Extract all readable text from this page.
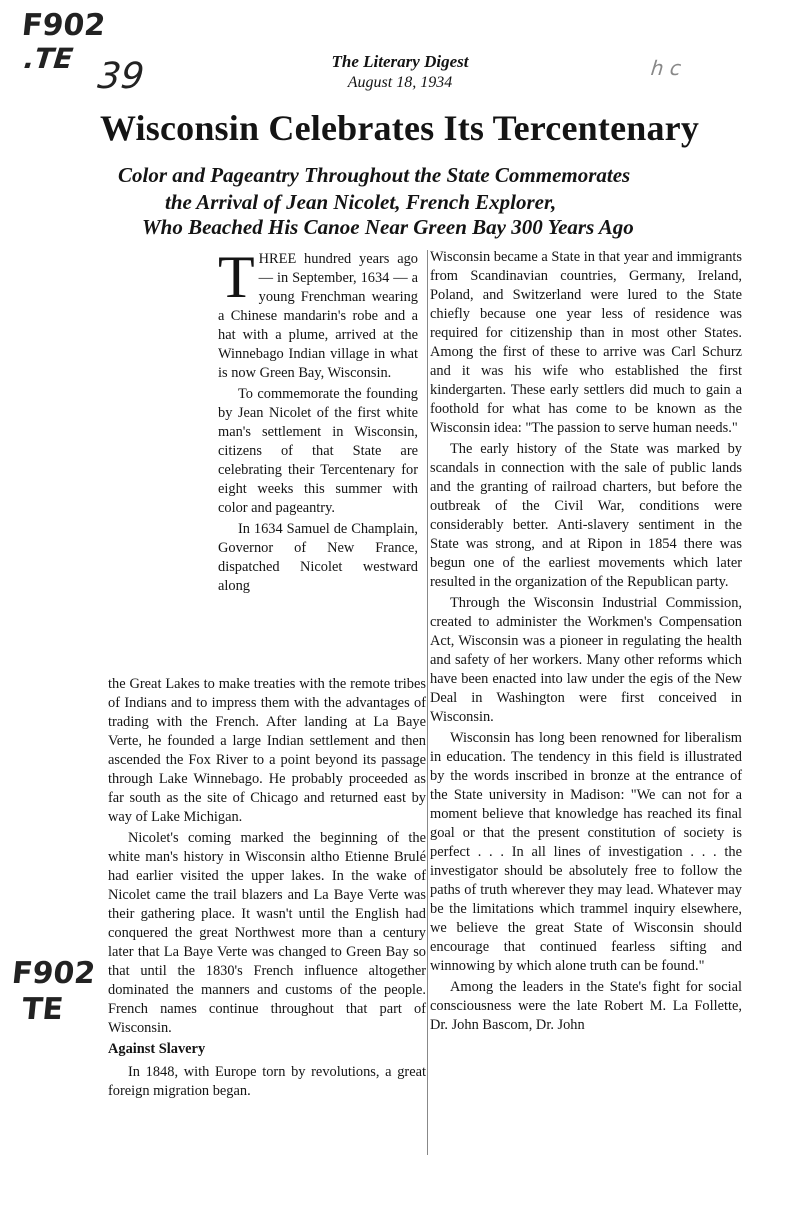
F902
.TE 39	h c
F902
TE
The Literary Digest
August 18, 1934
Wisconsin Celebrates Its Tercentenary
Color and Pageantry Throughout the State Commemorates
the Arrival of Jean Nicolet, French Explorer,
Who Beached His Canoe Near Green Bay 300 Years Ago

THREE hundred years ago — in September, 1634 — a young Frenchman wearing a Chinese mandarin's robe and a hat with a plume, arrived at the Winnebago Indian village in what is now Green Bay, Wisconsin.

To commemorate the founding by Jean Nicolet of the first white man's settlement in Wisconsin, citizens of that State are celebrating their Tercentenary for eight weeks this summer with color and pageantry.

In 1634 Samuel de Champlain, Governor of New France, dispatched Nicolet westward along

the Great Lakes to make treaties with the remote tribes of Indians and to impress them with the advantages of trading with the French. After landing at La Baye Verte, he founded a large Indian settlement and then ascended the Fox River to a point beyond its passage through Lake Winnebago. He probably proceeded as far south as the site of Chicago and returned east by way of Lake Michigan.

Nicolet's coming marked the beginning of the white man's history in Wisconsin altho Etienne Brulé had earlier visited the upper lakes. In the wake of Nicolet came the trail blazers and La Baye Verte was their gathering place. It wasn't until the English had conquered the great Northwest more than a century later that La Baye Verte was changed to Green Bay so that until the 1830's French influence altogether dominated the manners and customs of the people. French names continue throughout that part of Wisconsin.

Against Slavery

In 1848, with Europe torn by revolutions, a great foreign migration began.

Wisconsin became a State in that year and immigrants from Scandinavian countries, Germany, Ireland, Poland, and Switzerland were lured to the State chiefly because one year less of residence was required for citizenship than in most other States. Among the first of these to arrive was Carl Schurz and it was his wife who established the first kindergarten. These early settlers did much to gain a foothold for what has come to be known as the Wisconsin idea: "The passion to serve human needs."

The early history of the State was marked by scandals in connection with the sale of public lands and the granting of railroad charters, but before the outbreak of the Civil War, conditions were considerably better. Anti-slavery sentiment in the State was strong, and at Ripon in 1854 there was begun one of the earliest movements which later resulted in the organization of the Republican party.

Through the Wisconsin Industrial Commission, created to administer the Workmen's Compensation Act, Wisconsin was a pioneer in regulating the health and safety of her workers. Many other reforms which have been enacted into law under the egis of the New Deal in Washington were first conceived in Wisconsin.

Wisconsin has long been renowned for liberalism in education. The tendency in this field is illustrated by the words inscribed in bronze at the entrance of the State university in Madison: "We can not for a moment believe that knowledge has reached its final goal or that the present constitution of society is perfect . . . In all lines of investigation . . . the investigator should be absolutely free to follow the paths of truth wherever they may lead. Whatever may be the limitations which trammel inquiry elsewhere, we believe the great State of Wisconsin should encourage that continued fearless sifting and winnowing by which alone truth can be found."

Among the leaders in the State's fight for social consciousness were the late Robert M. La Follette, Dr. John Bascom, Dr. John
